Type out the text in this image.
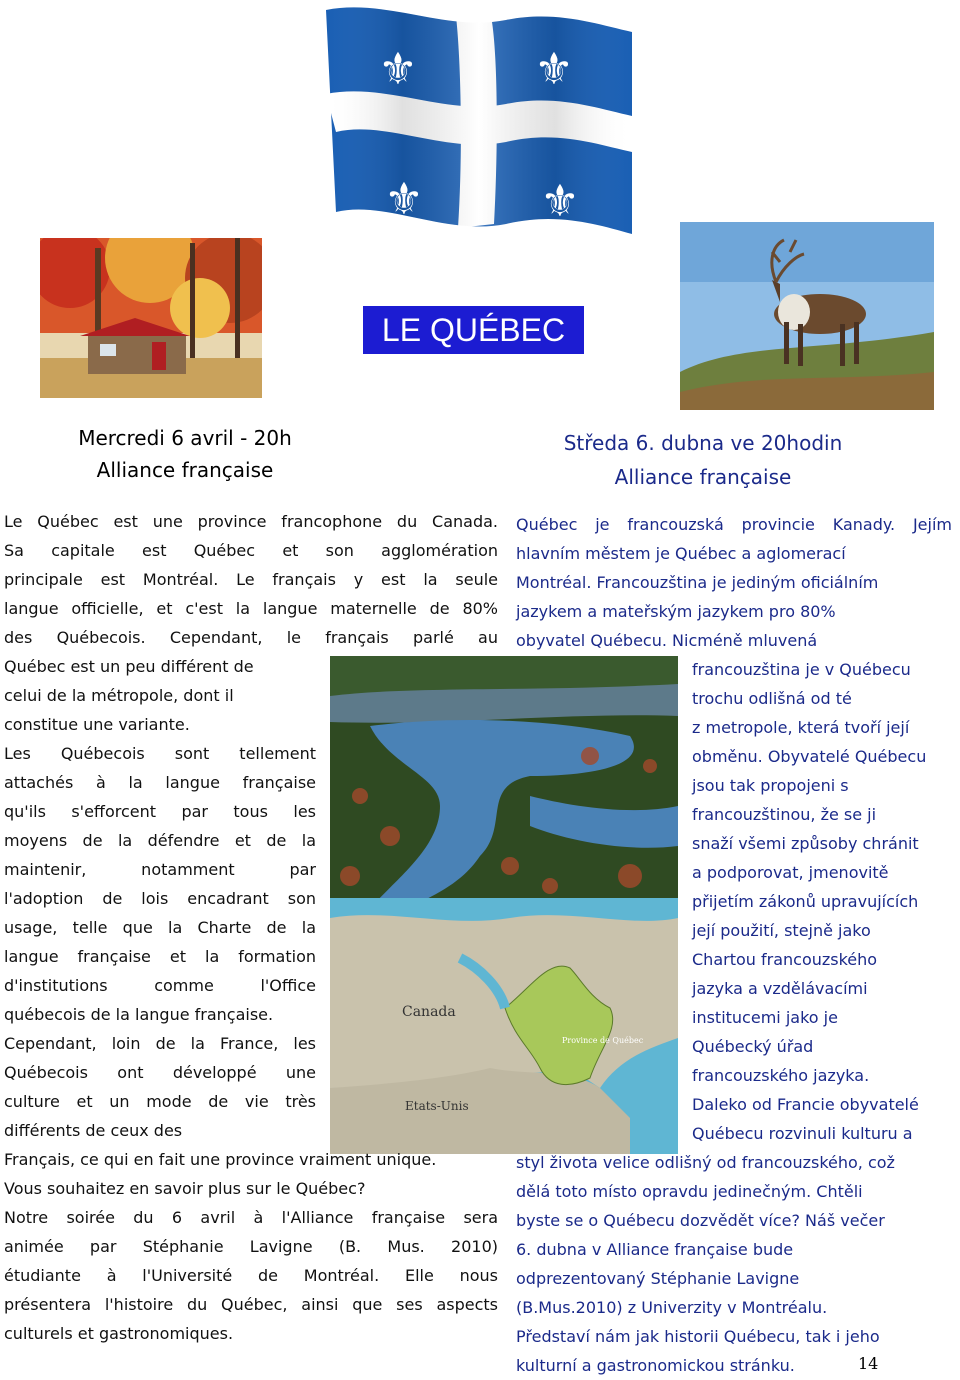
⚜	⚜
⚜	⚜
LE QUÉBEC
Mercredi 6 avril - 20h
Alliance française
Středa 6. dubna ve 20hodin
Alliance française
Canada
Province de Québec
Etats-Unis
Le Québec est une province francophone du Canada.
Sa capitale est Québec et son agglomération
principale est Montréal. Le français y est la seule
langue officielle, et c'est la langue maternelle de 80%
des Québecois. Cependant, le français parlé au
Québec est un peu différent de
celui de la métropole, dont il
constitue une variante.
Les Québecois sont tellement
attachés à la langue française
qu'ils s'efforcent par tous les
moyens de la défendre et de la
maintenir, notamment par
l'adoption de lois encadrant son
usage, telle que la Charte de la
langue française et la formation
d'institutions comme l'Office
québecois de la langue française.
Cependant, loin de la France, les
Québecois ont développé une
culture et un mode de vie très
différents de ceux des
Français, ce qui en fait une province vraiment unique.
Vous souhaitez en savoir plus sur le Québec?
Notre soirée du 6 avril à l'Alliance française sera
animée par Stéphanie Lavigne (B. Mus. 2010)
étudiante à l'Université de Montréal. Elle nous
présentera l'histoire du Québec, ainsi que ses aspects
culturels et gastronomiques.
Québec je francouzská provincie Kanady. Jejím
hlavním městem je Québec a aglomerací
Montréal. Francouzština je jediným oficiálním
jazykem a mateřským jazykem pro 80%
obyvatel Québecu. Nicméně mluvená
francouzština je v Québecu
trochu odlišná od té
z metropole, která tvoří její
obměnu. Obyvatelé Québecu
jsou tak propojeni s
francouzštinou, že se ji
snaží všemi způsoby chránit
a podporovat, jmenovitě
přijetím zákonů upravujících
její použití, stejně jako
Chartou francouzského
jazyka a vzdělávacími
institucemi jako je
Québecký úřad
francouzského jazyka.
Daleko od Francie obyvatelé
Québecu rozvinuli kulturu a
styl života velice odlišný od francouzského, což
dělá toto místo opravdu jedinečným. Chtěli
byste se o Québecu dozvědět více? Náš večer
6. dubna v Alliance française bude
odprezentovaný Stéphanie Lavigne
(B.Mus.2010) z Univerzity v Montréalu.
Představí nám jak historii Québecu, tak i jeho
kulturní a gastronomickou stránku.	14
